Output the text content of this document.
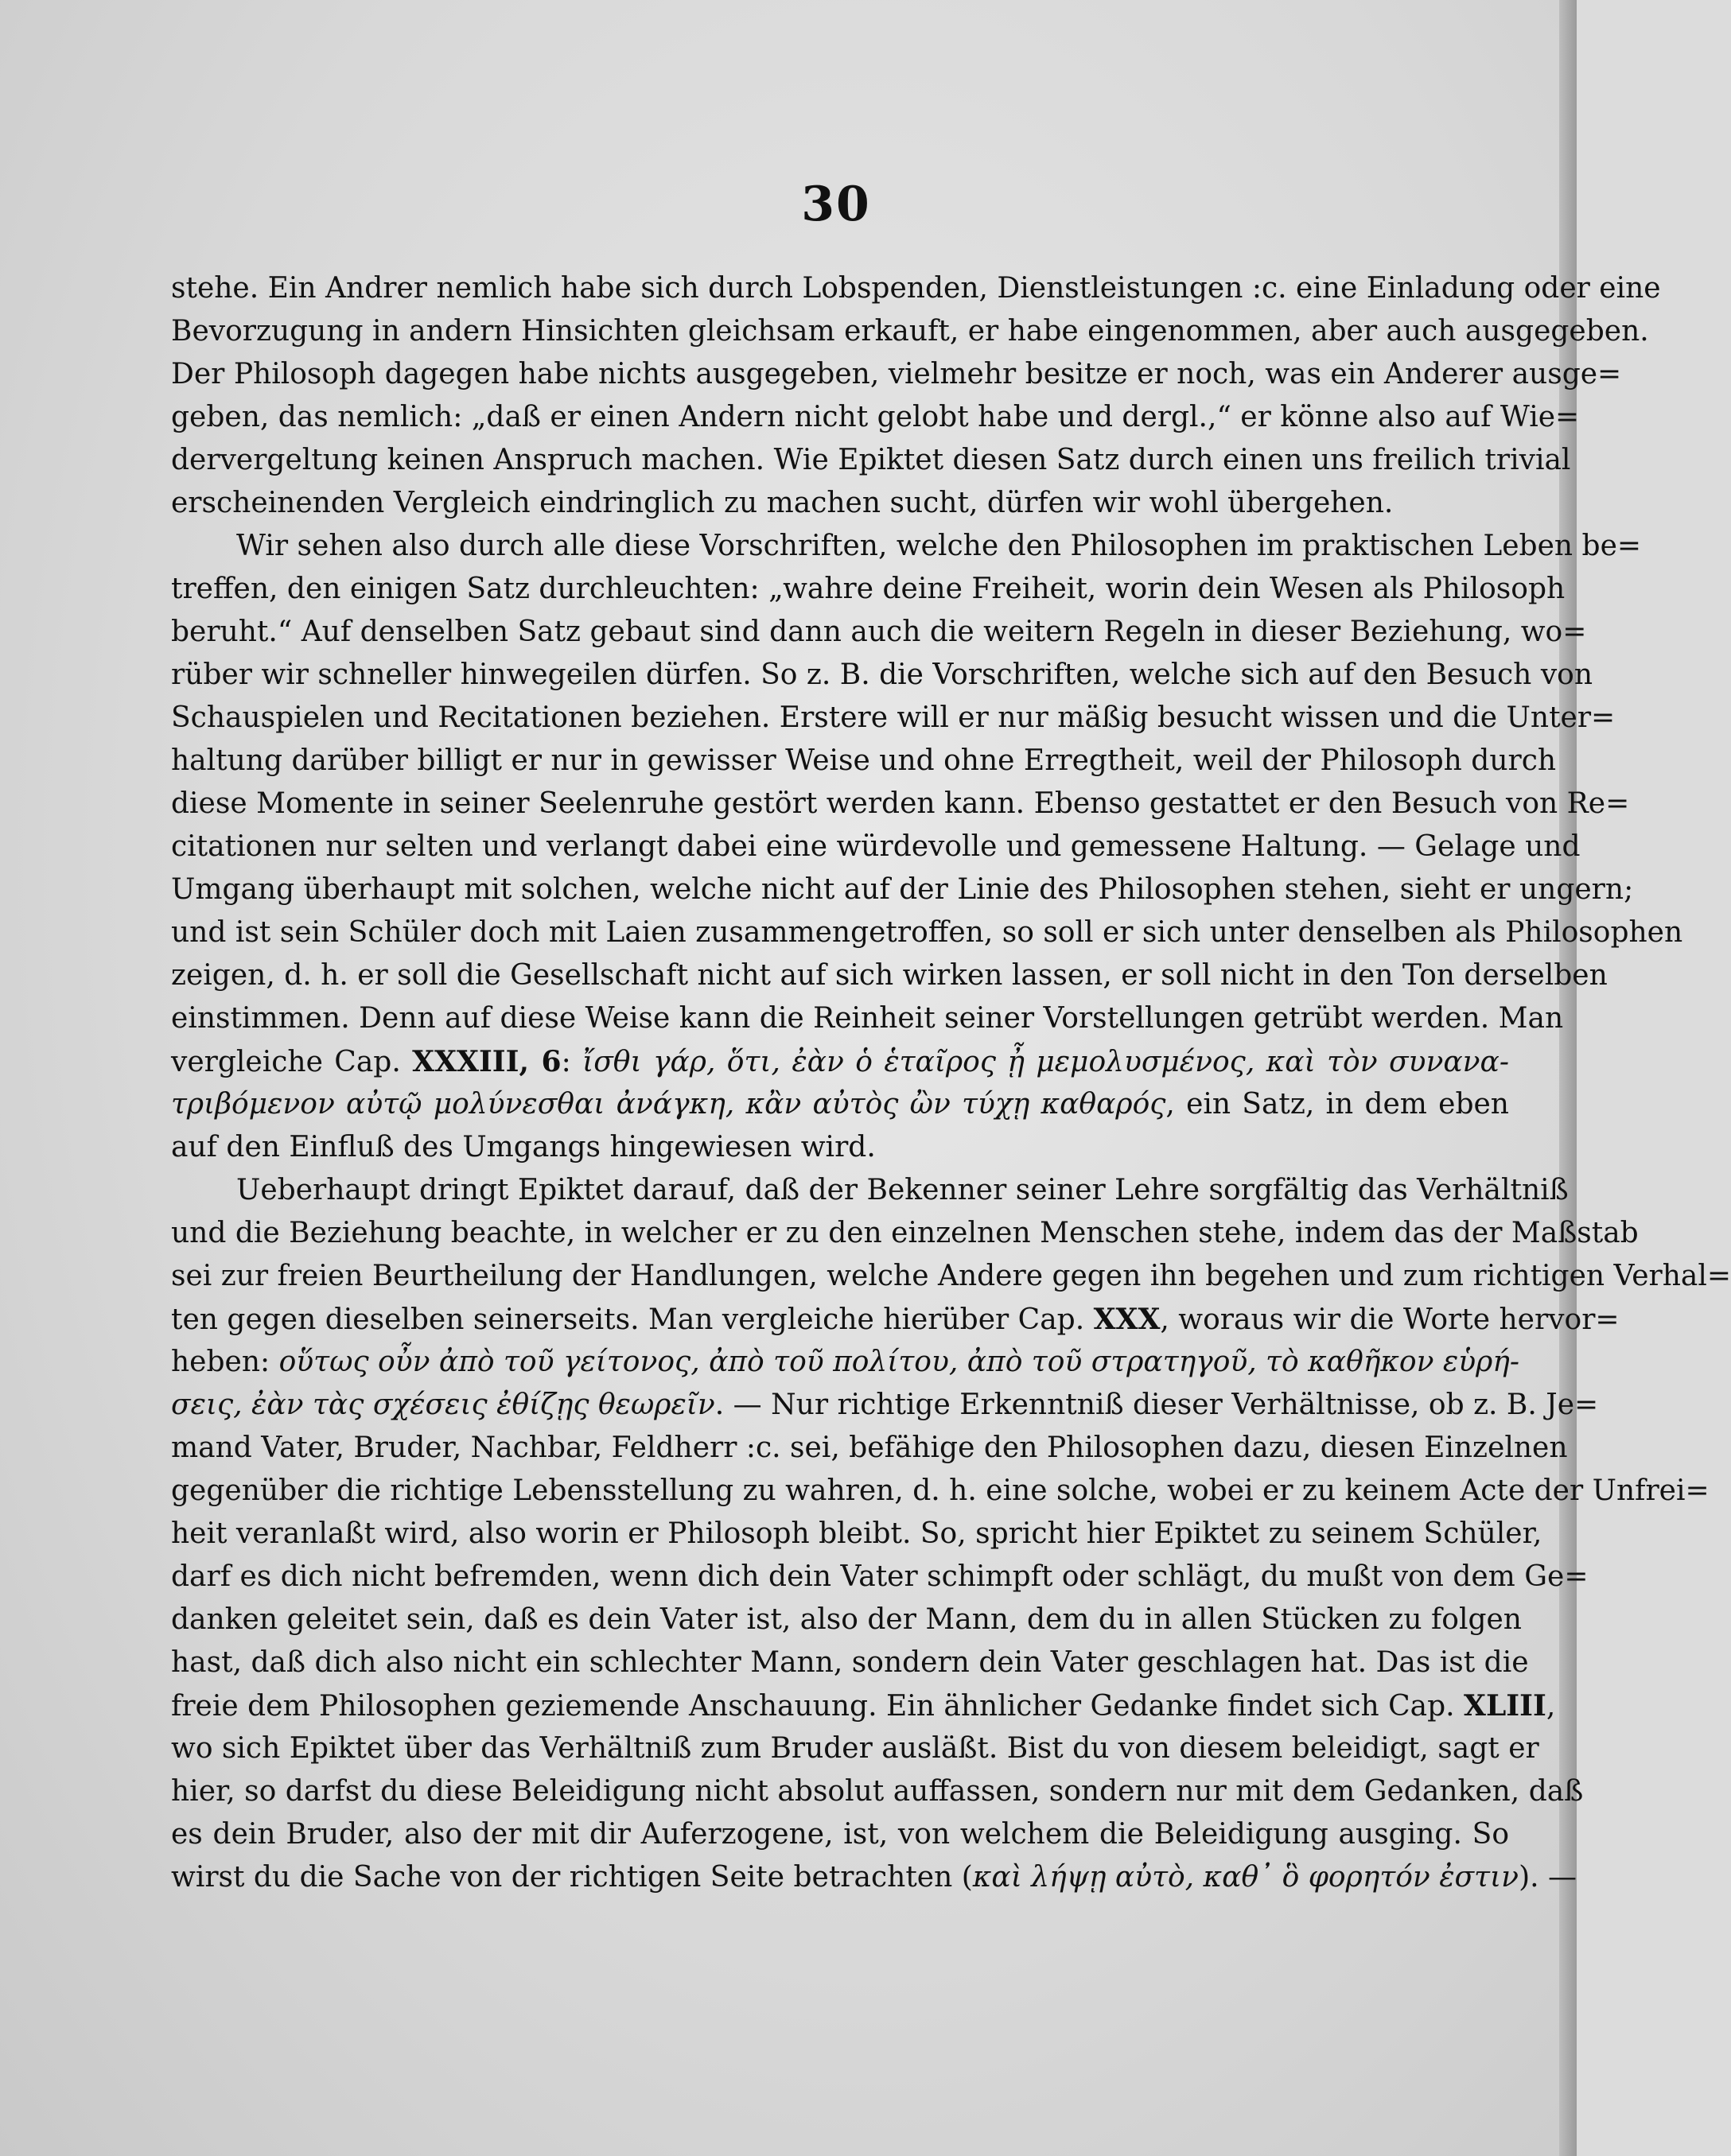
30
stehe. Ein Andrer nemlich habe sich durch Lobspenden, Dienstleistungen :c. eine Einladung oder eine
Bevorzugung in andern Hinsichten gleichsam erkauft, er habe eingenommen, aber auch ausgegeben.
Der Philosoph dagegen habe nichts ausgegeben, vielmehr besitze er noch, was ein Anderer ausge=
geben, das nemlich: „daß er einen Andern nicht gelobt habe und dergl.,“ er könne also auf Wie=
dervergeltung keinen Anspruch machen. Wie Epiktet diesen Satz durch einen uns freilich trivial
erscheinenden Vergleich eindringlich zu machen sucht, dürfen wir wohl übergehen.
Wir sehen also durch alle diese Vorschriften, welche den Philosophen im praktischen Leben be=
treffen, den einigen Satz durchleuchten: „wahre deine Freiheit, worin dein Wesen als Philosoph
beruht.“ Auf denselben Satz gebaut sind dann auch die weitern Regeln in dieser Beziehung, wo=
rüber wir schneller hinwegeilen dürfen. So z. B. die Vorschriften, welche sich auf den Besuch von
Schauspielen und Recitationen beziehen. Erstere will er nur mäßig besucht wissen und die Unter=
haltung darüber billigt er nur in gewisser Weise und ohne Erregtheit, weil der Philosoph durch
diese Momente in seiner Seelenruhe gestört werden kann. Ebenso gestattet er den Besuch von Re=
citationen nur selten und verlangt dabei eine würdevolle und gemessene Haltung. — Gelage und
Umgang überhaupt mit solchen, welche nicht auf der Linie des Philosophen stehen, sieht er ungern;
und ist sein Schüler doch mit Laien zusammengetroffen, so soll er sich unter denselben als Philosophen
zeigen, d. h. er soll die Gesellschaft nicht auf sich wirken lassen, er soll nicht in den Ton derselben
einstimmen. Denn auf diese Weise kann die Reinheit seiner Vorstellungen getrübt werden. Man
vergleiche Cap. XXXIII, 6: ἴσθι γάρ, ὅτι, ἐὰν ὁ ἑταῖρος ᾖ μεμολυσμένος, καὶ τὸν συνανα-
τριβόμενον αὐτῷ μολύνεσθαι ἀνάγκη, κἂν αὐτὸς ὢν τύχῃ καθαρός, ein Satz, in dem eben
auf den Einfluß des Umgangs hingewiesen wird.
Ueberhaupt dringt Epiktet darauf, daß der Bekenner seiner Lehre sorgfältig das Verhältniß
und die Beziehung beachte, in welcher er zu den einzelnen Menschen stehe, indem das der Maßstab
sei zur freien Beurtheilung der Handlungen, welche Andere gegen ihn begehen und zum richtigen Verhal=
ten gegen dieselben seinerseits. Man vergleiche hierüber Cap. XXX, woraus wir die Worte hervor=
heben: οὕτως οὖν ἀπὸ τοῦ γείτονος, ἀπὸ τοῦ πολίτου, ἀπὸ τοῦ στρατηγοῦ, τὸ καθῆκον εὑρή-
σεις, ἐὰν τὰς σχέσεις ἐθίζῃς θεωρεῖν. — Nur richtige Erkenntniß dieser Verhältnisse, ob z. B. Je=
mand Vater, Bruder, Nachbar, Feldherr :c. sei, befähige den Philosophen dazu, diesen Einzelnen
gegenüber die richtige Lebensstellung zu wahren, d. h. eine solche, wobei er zu keinem Acte der Unfrei=
heit veranlaßt wird, also worin er Philosoph bleibt. So, spricht hier Epiktet zu seinem Schüler,
darf es dich nicht befremden, wenn dich dein Vater schimpft oder schlägt, du mußt von dem Ge=
danken geleitet sein, daß es dein Vater ist, also der Mann, dem du in allen Stücken zu folgen
hast, daß dich also nicht ein schlechter Mann, sondern dein Vater geschlagen hat. Das ist die
freie dem Philosophen geziemende Anschauung. Ein ähnlicher Gedanke findet sich Cap. XLIII,
wo sich Epiktet über das Verhältniß zum Bruder ausläßt. Bist du von diesem beleidigt, sagt er
hier, so darfst du diese Beleidigung nicht absolut auffassen, sondern nur mit dem Gedanken, daß
es dein Bruder, also der mit dir Auferzogene, ist, von welchem die Beleidigung ausging. So
wirst du die Sache von der richtigen Seite betrachten (καὶ λήψῃ αὐτὸ, καθ᾽ ὃ φορητόν ἐστιν). —
